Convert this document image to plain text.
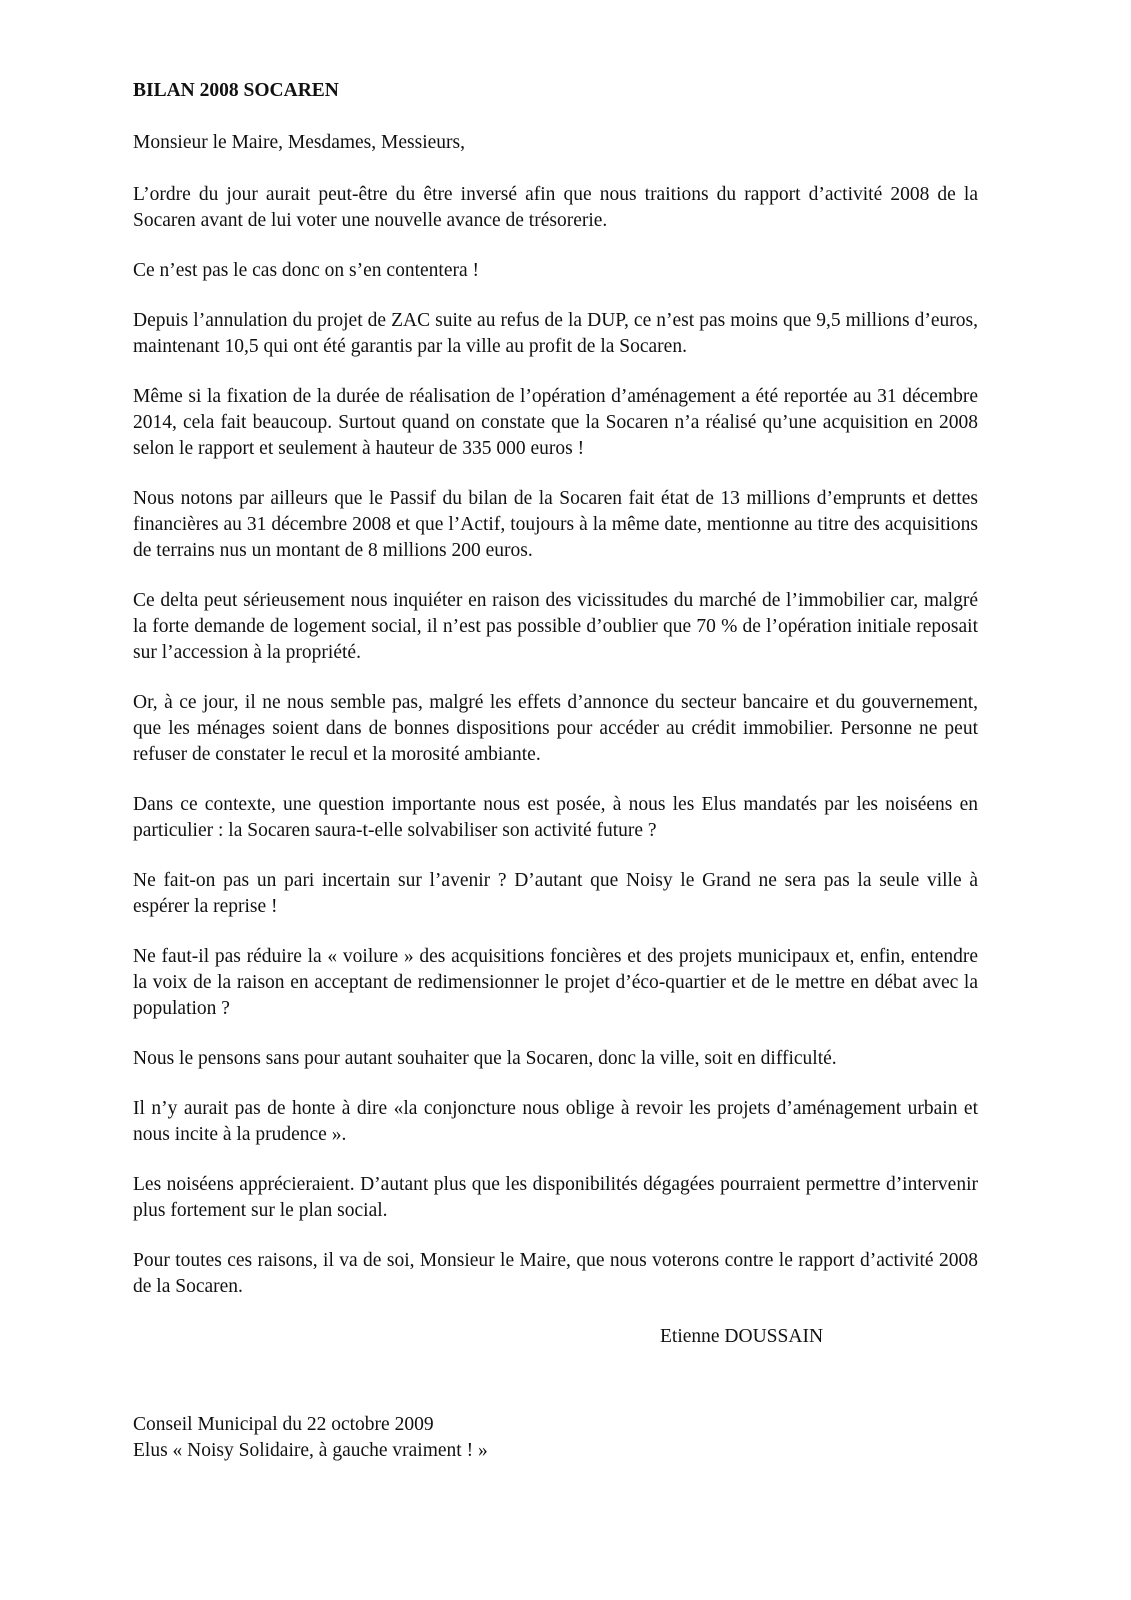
BILAN 2008 SOCAREN
Monsieur le Maire, Mesdames, Messieurs,

L’ordre du jour aurait peut-être du être inversé afin que nous traitions du rapport d’activité 2008 de la Socaren avant de lui voter une nouvelle avance de trésorerie.

Ce n’est pas le cas donc on s’en contentera !

Depuis l’annulation du projet de ZAC suite au refus de la DUP, ce n’est pas moins que 9,5 millions d’euros, maintenant 10,5 qui ont été garantis par la ville au profit de la Socaren.

Même si la fixation de la durée de réalisation de l’opération d’aménagement a été reportée au 31 décembre 2014, cela fait beaucoup. Surtout quand on constate que la Socaren n’a réalisé qu’une acquisition en 2008 selon le rapport et seulement à hauteur de 335 000 euros !

Nous notons par ailleurs que le Passif du bilan de la Socaren fait état de 13 millions d’emprunts et dettes financières au 31 décembre 2008 et que l’Actif, toujours à la même date, mentionne au titre des acquisitions de terrains nus un montant de 8 millions 200 euros.

Ce delta peut sérieusement nous inquiéter en raison des vicissitudes du marché de l’immobilier car, malgré la forte demande de logement social, il n’est pas possible d’oublier que 70 % de l’opération initiale reposait sur l’accession à la propriété.

Or, à ce jour, il ne nous semble pas, malgré les effets d’annonce du secteur bancaire et du gouvernement, que les ménages soient dans de bonnes dispositions pour accéder au crédit immobilier. Personne ne peut refuser de constater le recul et la morosité ambiante.

Dans ce contexte, une question importante nous est posée, à nous les Elus mandatés par les noiséens en particulier : la Socaren saura-t-elle solvabiliser son activité future ?

Ne fait-on pas un pari incertain sur l’avenir ? D’autant que Noisy le Grand ne sera pas la seule ville à espérer la reprise !

Ne faut-il pas réduire la « voilure » des acquisitions foncières et des projets municipaux et, enfin, entendre la voix de la raison en acceptant de redimensionner le projet d’éco-quartier et de le mettre en débat avec la population ?

Nous le pensons sans pour autant souhaiter que la Socaren, donc la ville, soit en difficulté.

Il n’y aurait pas de honte à dire «la conjoncture nous oblige à revoir les projets d’aménagement urbain et nous incite à la prudence ».

Les noiséens apprécieraient. D’autant plus que les disponibilités dégagées pourraient permettre d’intervenir plus fortement sur le plan social.

Pour toutes ces raisons, il va de soi, Monsieur le Maire, que nous voterons contre le rapport d’activité 2008 de la Socaren.

Etienne DOUSSAIN
Conseil Municipal du 22 octobre 2009
Elus « Noisy Solidaire, à gauche vraiment ! »
